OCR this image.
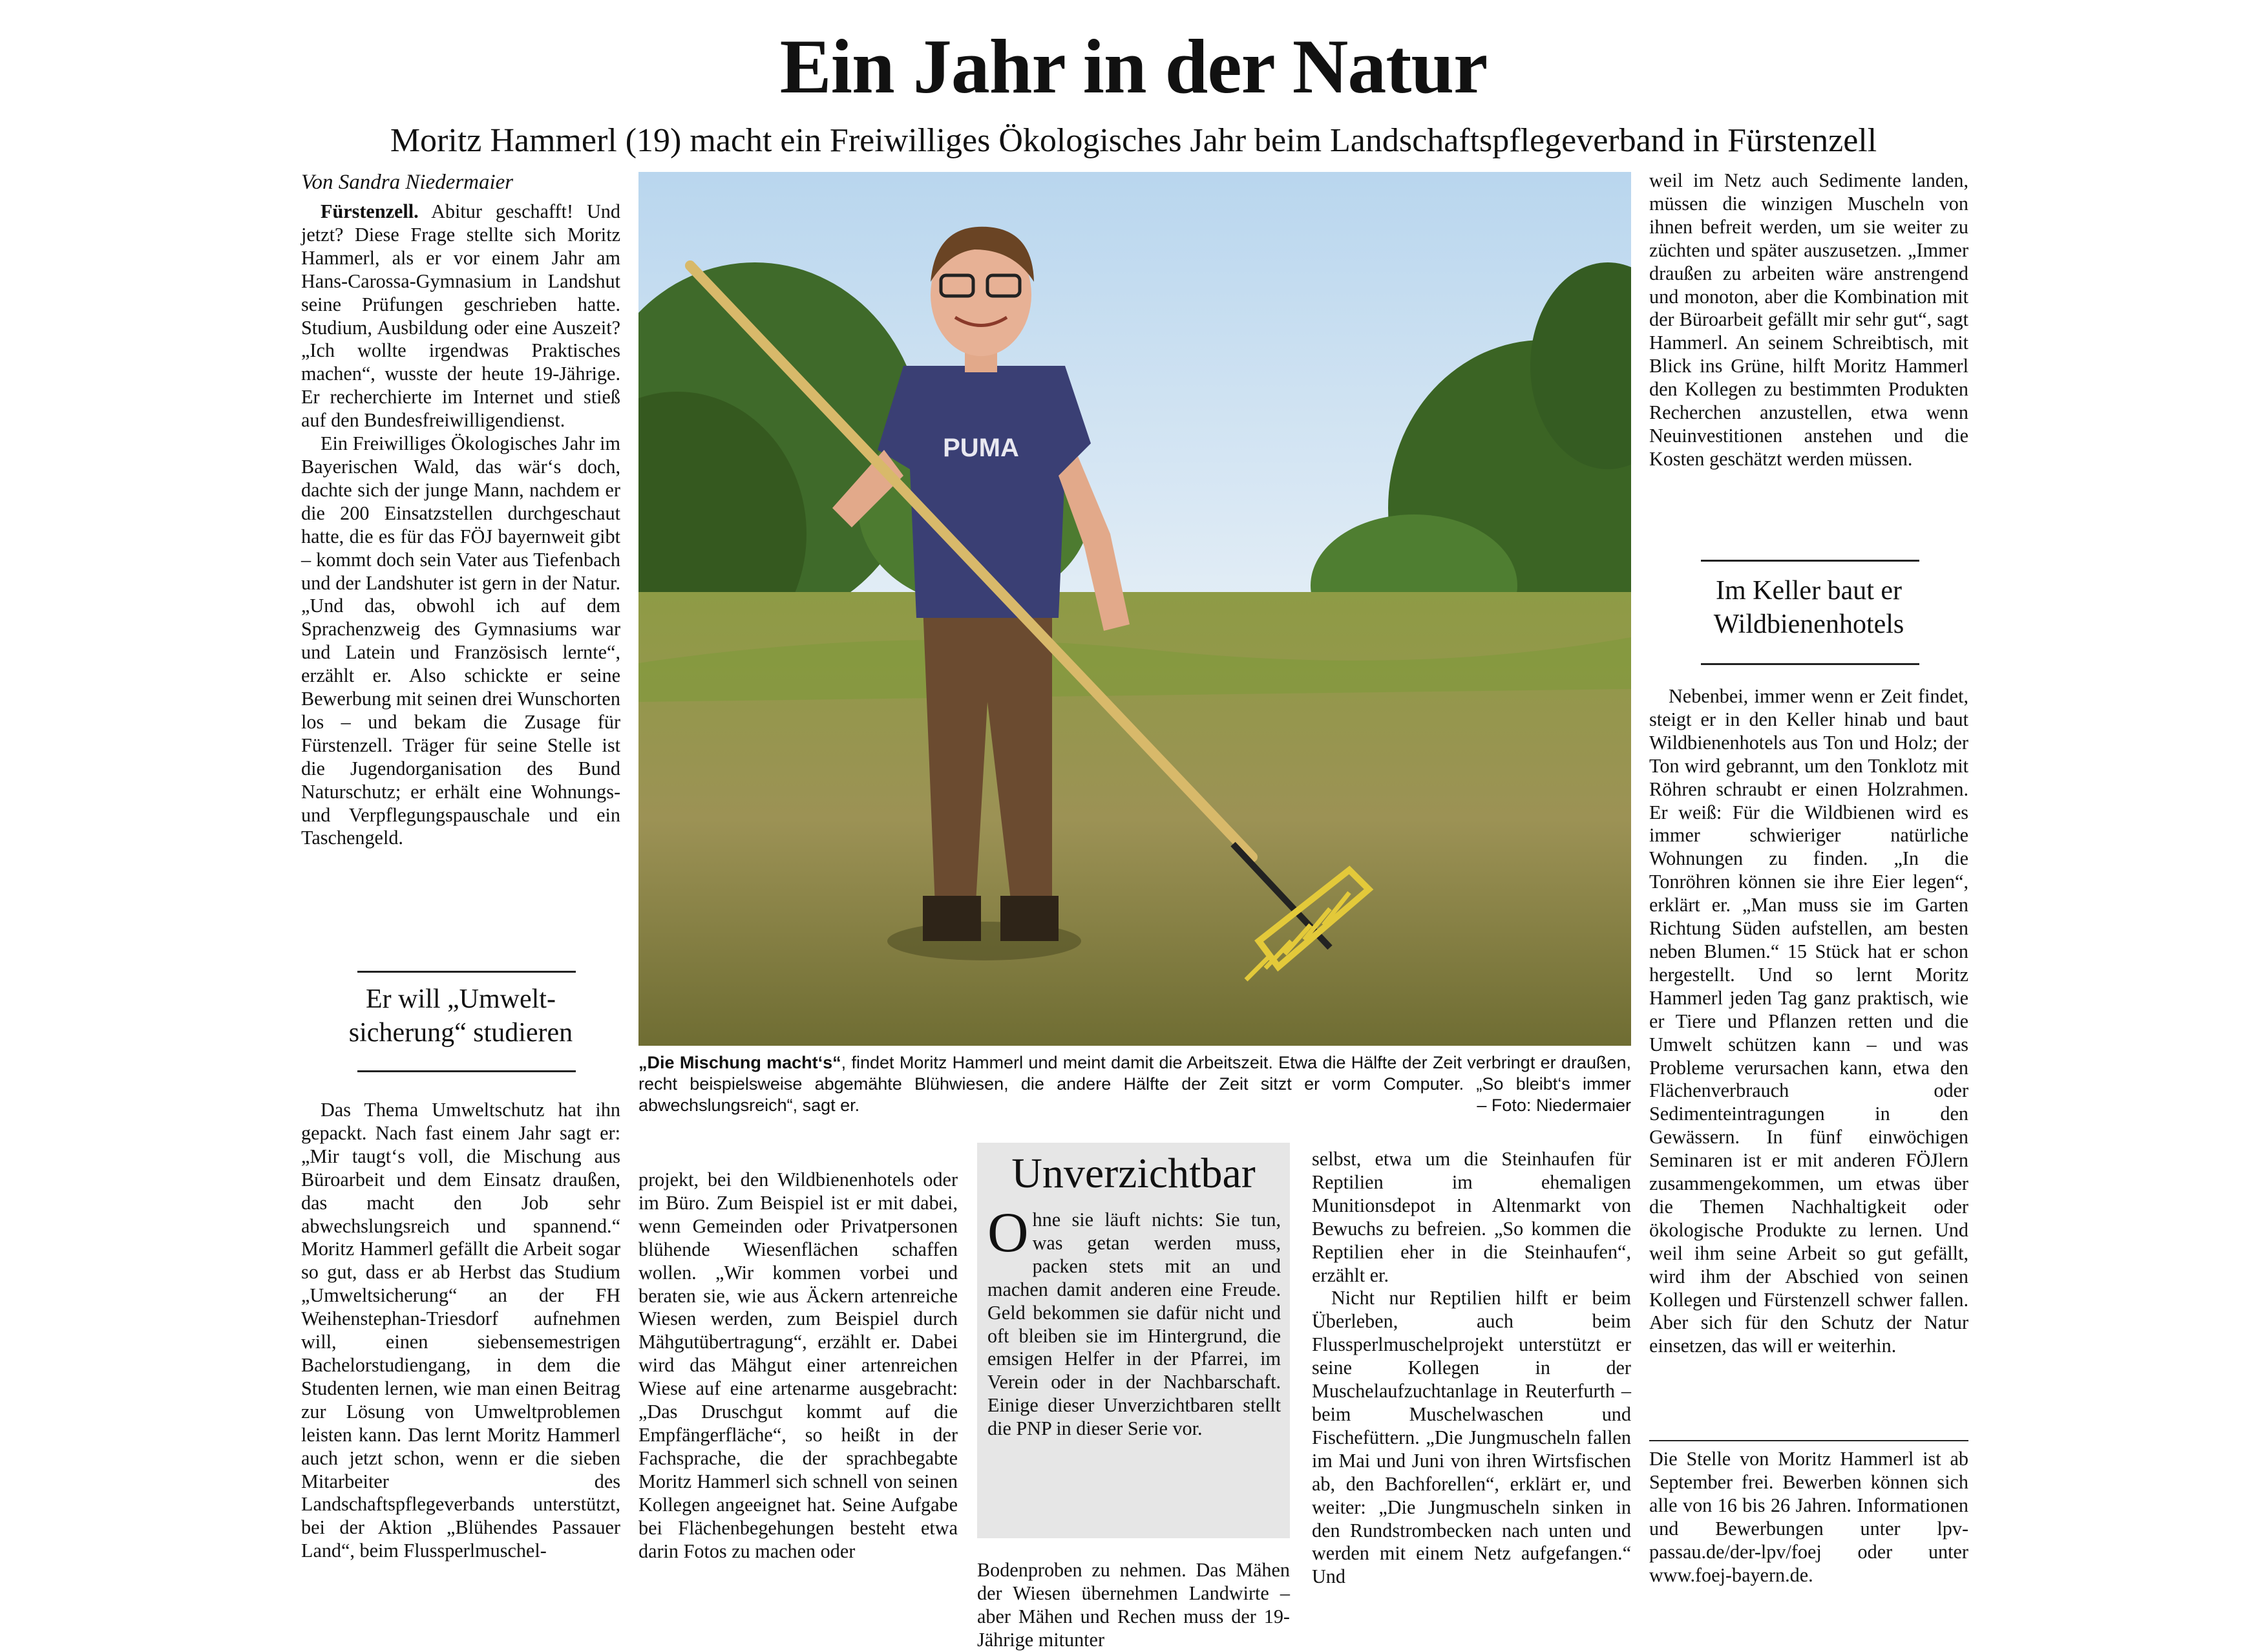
Ein Jahr in der Natur
Moritz Hammerl (19) macht ein Freiwilliges Ökologisches Jahr beim Landschaftspflegeverband in Fürstenzell
Von Sandra Niedermaier

Fürstenzell. Abitur geschafft! Und jetzt? Diese Frage stellte sich Moritz Hammerl, als er vor einem Jahr am Hans-Carossa-Gymnasium in Landshut seine Prüfungen geschrieben hatte. Studium, Ausbildung oder eine Auszeit? „Ich wollte irgendwas Praktisches machen“, wusste der heute 19-Jährige. Er recherchierte im Internet und stieß auf den Bundesfreiwilligendienst.

Ein Freiwilliges Ökologisches Jahr im Bayerischen Wald, das wär‘s doch, dachte sich der junge Mann, nachdem er die 200 Einsatzstellen durchgeschaut hatte, die es für das FÖJ bayernweit gibt – kommt doch sein Vater aus Tiefenbach und der Landshuter ist gern in der Natur. „Und das, obwohl ich auf dem Sprachenzweig des Gymnasiums war und Latein und Französisch lernte“, erzählt er. Also schickte er seine Bewerbung mit seinen drei Wunschorten los – und bekam die Zusage für Fürstenzell. Träger für seine Stelle ist die Jugendorganisation des Bund Naturschutz; er erhält eine Wohnungs- und Verpflegungspauschale und ein Taschengeld.

Er will „Umwelt-
sicherung“ studieren

Das Thema Umweltschutz hat ihn gepackt. Nach fast einem Jahr sagt er: „Mir taugt‘s voll, die Mischung aus Büroarbeit und dem Einsatz draußen, das macht den Job sehr abwechslungsreich und spannend.“ Moritz Hammerl gefällt die Arbeit sogar so gut, dass er ab Herbst das Studium „Umweltsicherung“ an der FH Weihenstephan-Triesdorf aufnehmen will, einen siebensemestrigen Bachelorstudiengang, in dem die Studenten lernen, wie man einen Beitrag zur Lösung von Umweltproblemen leisten kann. Das lernt Moritz Hammerl auch jetzt schon, wenn er die sieben Mitarbeiter des Landschaftspflegeverbands unterstützt, bei der Aktion „Blühendes Passauer Land“, beim Flussperlmuschel-

PUMA
„Die Mischung macht‘s“, findet Moritz Hammerl und meint damit die Arbeitszeit. Etwa die Hälfte der Zeit verbringt er draußen, recht beispielsweise abgemähte Blühwiesen, die andere Hälfte der Zeit sitzt er vorm Computer. „So bleibt‘s immer abwechslungsreich“, sagt er.	– Foto: Niedermaier

projekt, bei den Wildbienenhotels oder im Büro. Zum Beispiel ist er mit dabei, wenn Gemeinden oder Privatpersonen blühende Wiesenflächen schaffen wollen. „Wir kommen vorbei und beraten sie, wie aus Äckern artenreiche Wiesen werden, zum Beispiel durch Mähgutübertragung“, erzählt er. Dabei wird das Mähgut einer artenreichen Wiese auf eine artenarme ausgebracht: „Das Druschgut kommt auf die Empfängerfläche“, so heißt in der Fachsprache, die der sprachbegabte Moritz Hammerl sich schnell von seinen Kollegen angeeignet hat. Seine Aufgabe bei Flächenbegehungen besteht etwa darin Fotos zu machen oder

Unverzichtbar
Ohne sie läuft nichts: Sie tun, was getan werden muss, packen stets mit an und machen damit anderen eine Freude. Geld bekommen sie dafür nicht und oft bleiben sie im Hintergrund, die emsigen Helfer in der Pfarrei, im Verein oder in der Nachbarschaft. Einige dieser Unverzichtbaren stellt die PNP in dieser Serie vor.

Bodenproben zu nehmen. Das Mähen der Wiesen übernehmen Landwirte – aber Mähen und Rechen muss der 19-Jährige mitunter

selbst, etwa um die Steinhaufen für Reptilien im ehemaligen Munitionsdepot in Altenmarkt von Bewuchs zu befreien. „So kommen die Reptilien eher in die Steinhaufen“, erzählt er.

Nicht nur Reptilien hilft er beim Überleben, auch beim Flussperlmuschelprojekt unterstützt er seine Kollegen in der Muschelaufzuchtanlage in Reuterfurth – beim Muschelwaschen und Fischefüttern. „Die Jungmuscheln fallen im Mai und Juni von ihren Wirtsfischen ab, den Bachforellen“, erklärt er, und weiter: „Die Jungmuscheln sinken in den Rundstrombecken nach unten und werden mit einem Netz aufgefangen.“ Und

weil im Netz auch Sedimente landen, müssen die winzigen Muscheln von ihnen befreit werden, um sie weiter zu züchten und später auszusetzen. „Immer draußen zu arbeiten wäre anstrengend und monoton, aber die Kombination mit der Büroarbeit gefällt mir sehr gut“, sagt Hammerl. An seinem Schreibtisch, mit Blick ins Grüne, hilft Moritz Hammerl den Kollegen zu bestimmten Produkten Recherchen anzustellen, etwa wenn Neuinvestitionen anstehen und die Kosten geschätzt werden müssen.

Im Keller baut er
Wildbienenhotels

Nebenbei, immer wenn er Zeit findet, steigt er in den Keller hinab und baut Wildbienenhotels aus Ton und Holz; der Ton wird gebrannt, um den Tonklotz mit Röhren schraubt er einen Holzrahmen. Er weiß: Für die Wildbienen wird es immer schwieriger natürliche Wohnungen zu finden. „In die Tonröhren können sie ihre Eier legen“, erklärt er. „Man muss sie im Garten Richtung Süden aufstellen, am besten neben Blumen.“ 15 Stück hat er schon hergestellt. Und so lernt Moritz Hammerl jeden Tag ganz praktisch, wie er Tiere und Pflanzen retten und die Umwelt schützen kann – und was Probleme verursachen kann, etwa den Flächenverbrauch oder Sedimenteintragungen in den Gewässern. In fünf einwöchigen Seminaren ist er mit anderen FÖJlern zusammengekommen, um etwas über die Themen Nachhaltigkeit oder ökologische Produkte zu lernen. Und weil ihm seine Arbeit so gut gefällt, wird ihm der Abschied von seinen Kollegen und Fürstenzell schwer fallen. Aber sich für den Schutz der Natur einsetzen, das will er weiterhin.

Die Stelle von Moritz Hammerl ist ab September frei. Bewerben können sich alle von 16 bis 26 Jahren. Informationen und Bewerbungen unter lpv-passau.de/der-lpv/foej oder unter www.foej-bayern.de.
